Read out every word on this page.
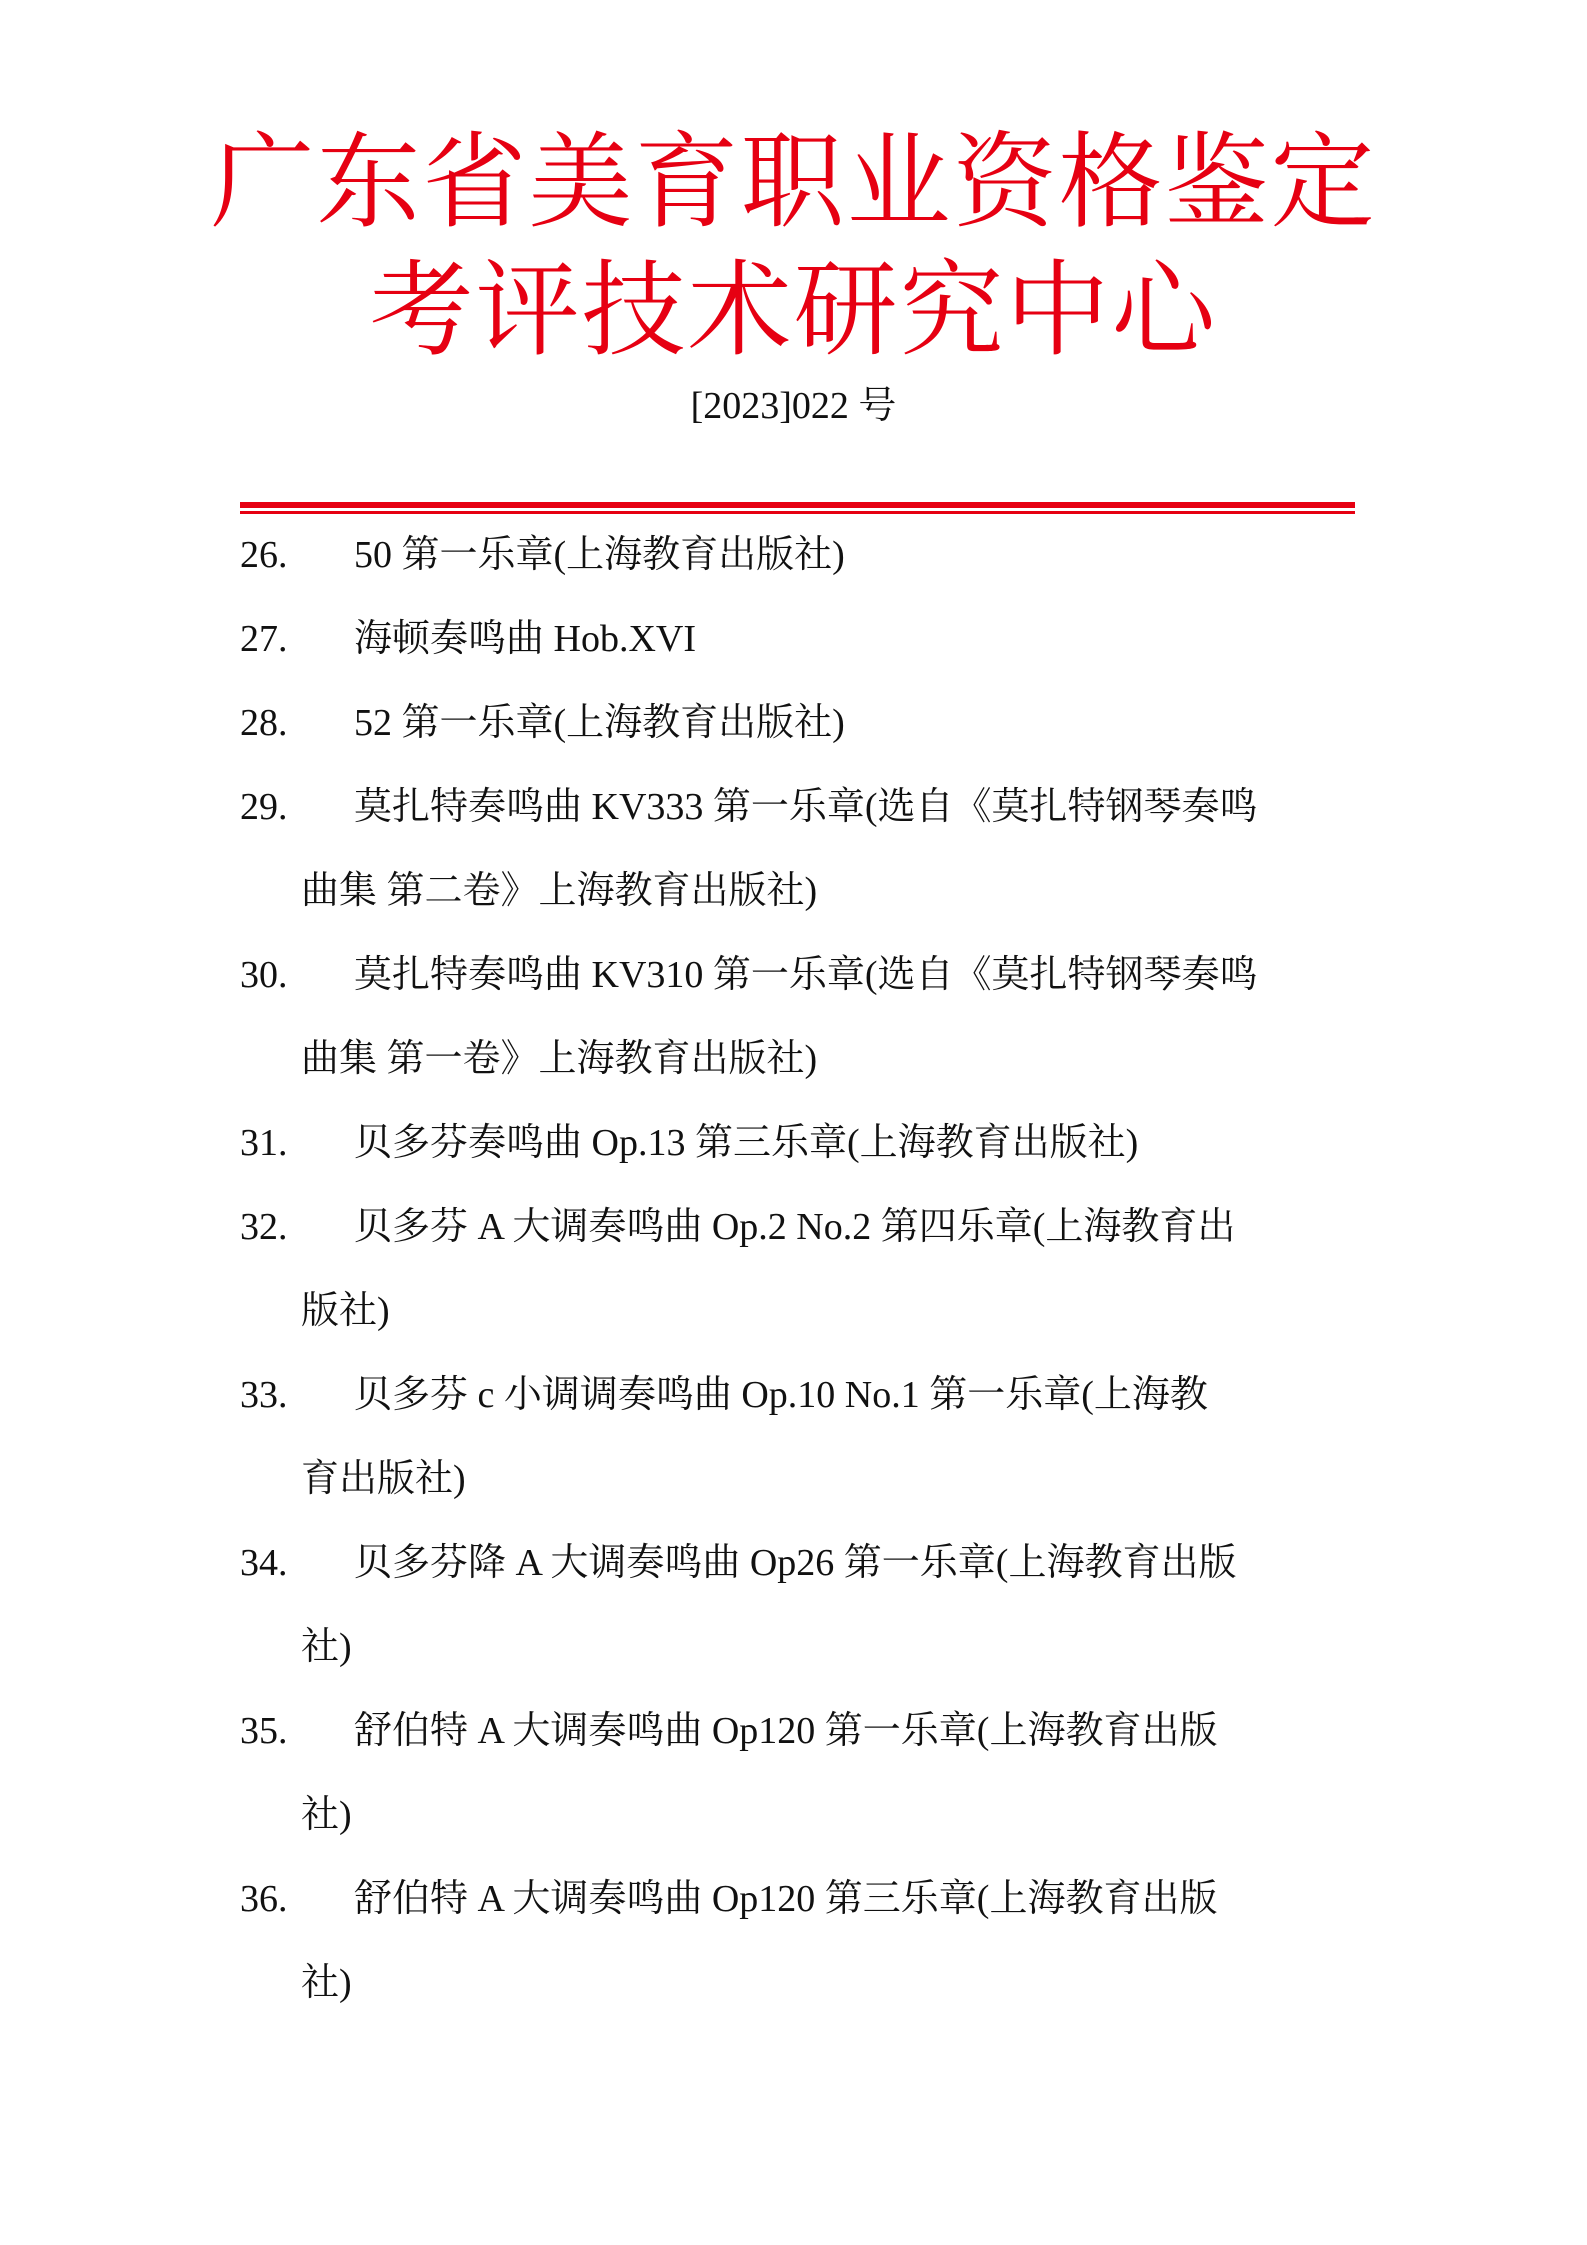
广东省美育职业资格鉴定
考评技术研究中心
[2023]022 号
26. 50 第一乐章(上海教育出版社)
27. 海顿奏鸣曲 Hob.XVI
28. 52 第一乐章(上海教育出版社)
29. 莫扎特奏鸣曲 KV333 第一乐章(选自《莫扎特钢琴奏鸣
曲集 第二卷》上海教育出版社)
30. 莫扎特奏鸣曲 KV310 第一乐章(选自《莫扎特钢琴奏鸣
曲集 第一卷》上海教育出版社)
31. 贝多芬奏鸣曲 Op.13 第三乐章(上海教育出版社)
32. 贝多芬 A 大调奏鸣曲 Op.2 No.2 第四乐章(上海教育出
版社)
33. 贝多芬 c 小调调奏鸣曲 Op.10 No.1 第一乐章(上海教
育出版社)
34. 贝多芬降 A 大调奏鸣曲 Op26 第一乐章(上海教育出版
社)
35. 舒伯特 A 大调奏鸣曲 Op120 第一乐章(上海教育出版
社)
36. 舒伯特 A 大调奏鸣曲 Op120 第三乐章(上海教育出版
社)
